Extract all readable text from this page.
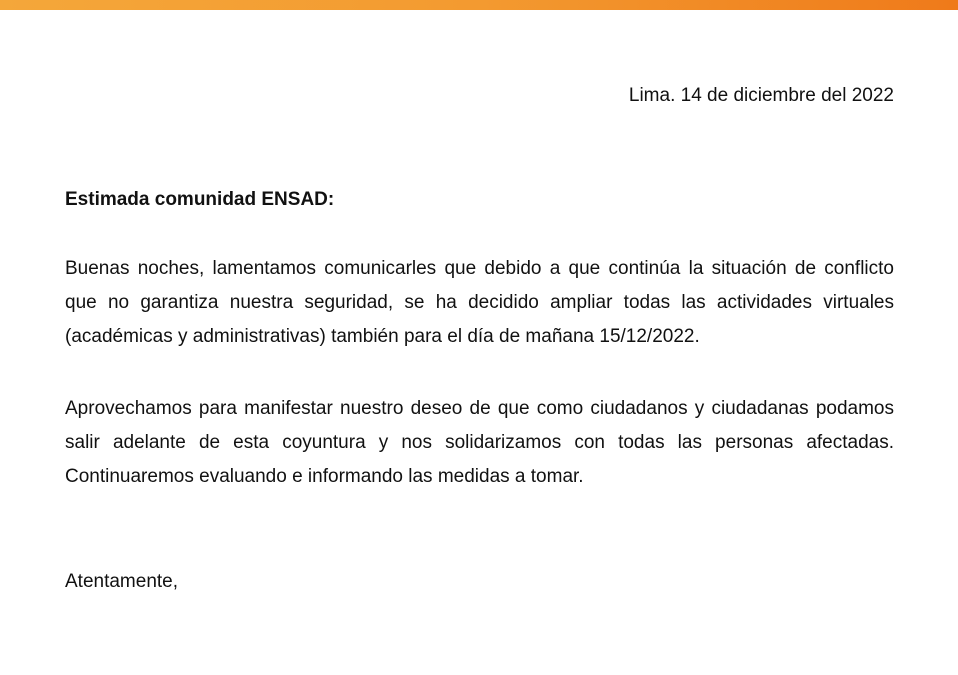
Lima. 14 de diciembre del 2022
Estimada comunidad ENSAD:

Buenas noches, lamentamos comunicarles que debido a que continúa la situación de conflicto que no garantiza nuestra seguridad, se ha decidido ampliar todas las actividades virtuales (académicas y administrativas) también para el día de mañana 15/12/2022.

Aprovechamos para manifestar nuestro deseo de que como ciudadanos y ciudadanas podamos salir adelante de esta coyuntura y nos solidarizamos con todas las personas afectadas. Continuaremos evaluando e informando las medidas a tomar.

Atentamente,
